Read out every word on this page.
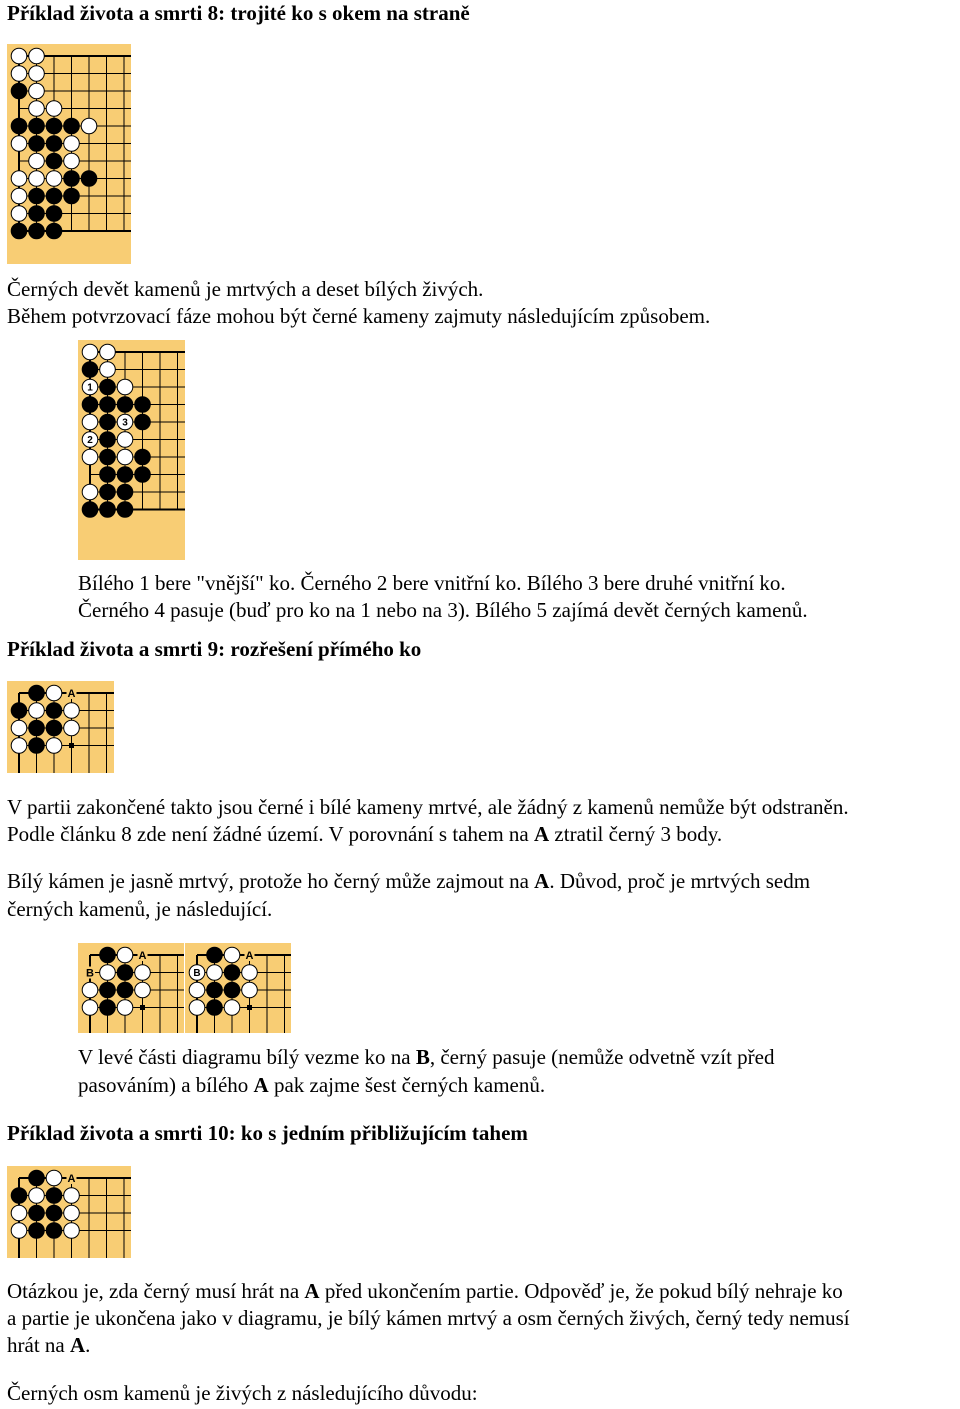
Příklad života a smrti 8: trojité ko s okem na straně
Černých devět kamenů je mrtvých a deset bílých živých.
Během potvrzovací fáze mohou být černé kameny zajmuty následujícím způsobem.
1
3
2
Bílého 1 bere "vnější" ko. Černého 2 bere vnitřní ko. Bílého 3 bere druhé vnitřní ko.
Černého 4 pasuje (buď pro ko na 1 nebo na 3). Bílého 5 zajímá devět černých kamenů.
Příklad života a smrti 9: rozřešení přímého ko
A
V partii zakončené takto jsou černé i bílé kameny mrtvé, ale žádný z kamenů nemůže být odstraněn.
Podle článku 8 zde není žádné území. V porovnání s tahem na A ztratil černý 3 body.
Bílý kámen je jasně mrtvý, protože ho černý může zajmout na A. Důvod, proč je mrtvých sedm
černých kamenů, je následující.
A
B
A
B
V levé části diagramu bílý vezme ko na B, černý pasuje (nemůže odvetně vzít před
pasováním) a bílého A pak zajme šest černých kamenů.
Příklad života a smrti 10: ko s jedním přibližujícím tahem
A
Otázkou je, zda černý musí hrát na A před ukončením partie. Odpověď je, že pokud bílý nehraje ko
a partie je ukončena jako v diagramu, je bílý kámen mrtvý a osm černých živých, černý tedy nemusí
hrát na A.
Černých osm kamenů je živých z následujícího důvodu:
